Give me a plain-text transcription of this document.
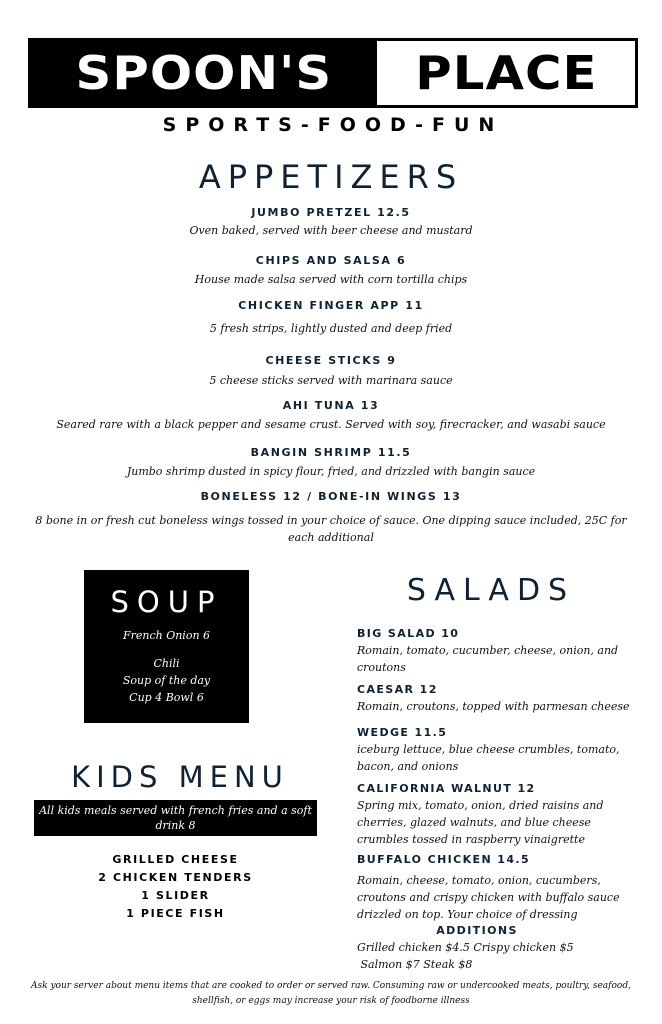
SPOON'S PLACE
SPORTS-FOOD-FUN
APPETIZERS
JUMBO PRETZEL 12.5
Oven baked, served with beer cheese and mustard
CHIPS AND SALSA 6
House made salsa served with corn tortilla chips
CHICKEN FINGER APP 11
5 fresh strips, lightly dusted and deep fried
CHEESE STICKS 9
5 cheese sticks served with marinara sauce
AHI TUNA 13
Seared rare with a black pepper and sesame crust. Served with soy, firecracker, and wasabi sauce
BANGIN SHRIMP 11.5
Jumbo shrimp dusted in spicy flour, fried, and drizzled with bangin sauce
BONELESS 12 / BONE-IN WINGS 13
8 bone in or fresh cut boneless wings tossed in your choice of sauce. One dipping sauce included, 25C for each additional
SOUP
French Onion 6
Chili
Soup of the day
Cup 4 Bowl 6
KIDS MENU
All kids meals served with french fries and a soft drink 8
GRILLED CHEESE
2 CHICKEN TENDERS
1 SLIDER
1 PIECE FISH
SALADS
BIG SALAD 10
Romain, tomato, cucumber, cheese, onion, and croutons
CAESAR 12
Romain, croutons, topped with parmesan cheese
WEDGE 11.5
iceburg lettuce, blue cheese crumbles, tomato, bacon, and onions
CALIFORNIA WALNUT 12
Spring mix, tomato, onion, dried raisins and cherries, glazed walnuts, and blue cheese crumbles tossed in raspberry vinaigrette
BUFFALO CHICKEN 14.5
Romain, cheese, tomato, onion, cucumbers, croutons and crispy chicken with buffalo sauce drizzled on top. Your choice of dressing
ADDITIONS
Grilled chicken $4.5 Crispy chicken $5
Salmon $7 Steak $8
Ask your server about menu items that are cooked to order or served raw. Consuming raw or undercooked meats, poultry, seafood, shellfish, or eggs may increase your risk of foodborne illness
